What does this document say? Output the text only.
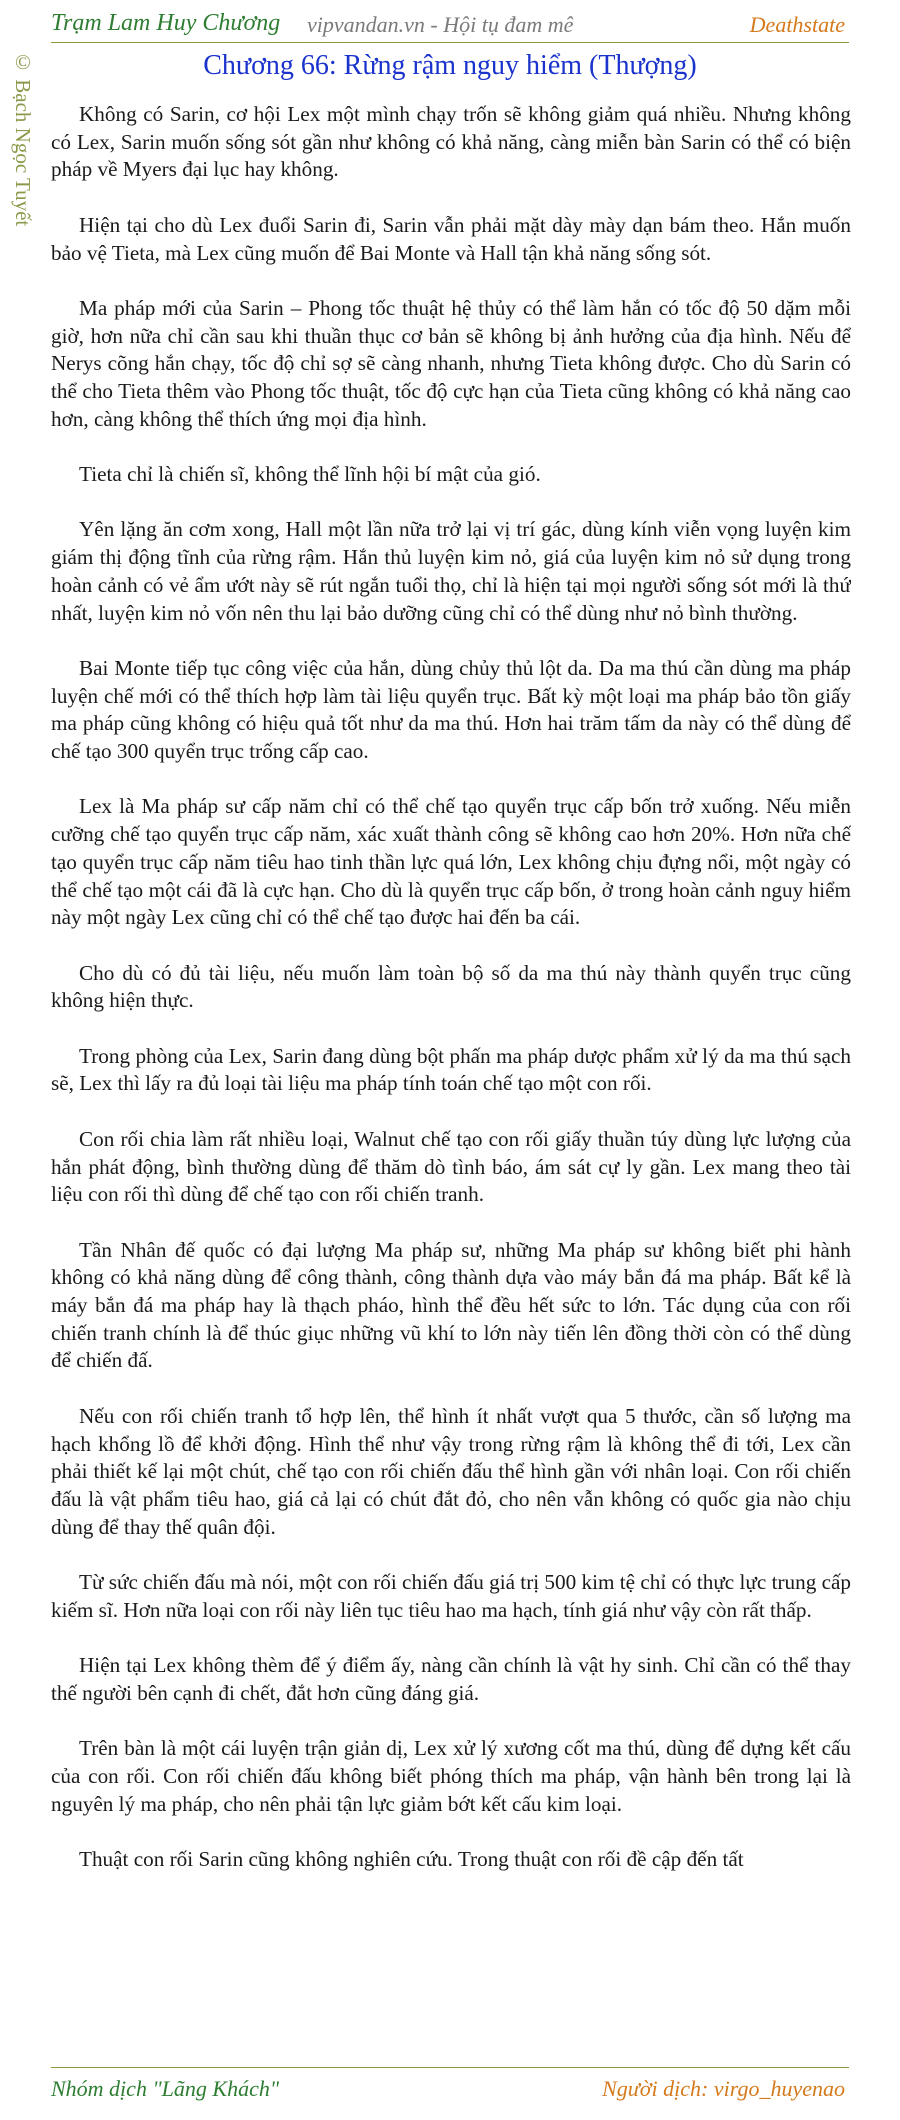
Trạm Lam Huy Chương vipvandan.vn - Hội tụ đam mê	Deathstate
© Bạch Ngọc Tuyết	Chương 66: Rừng rậm nguy hiểm (Thượng)

Không có Sarin, cơ hội Lex một mình chạy trốn sẽ không giảm quá nhiều. Nhưng không có Lex, Sarin muốn sống sót gần như không có khả năng, càng miễn bàn Sarin có thể có biện pháp về Myers đại lục hay không.

Hiện tại cho dù Lex đuổi Sarin đi, Sarin vẫn phải mặt dày mày dạn bám theo. Hắn muốn bảo vệ Tieta, mà Lex cũng muốn để Bai Monte và Hall tận khả năng sống sót.

Ma pháp mới của Sarin – Phong tốc thuật hệ thủy có thể làm hắn có tốc độ 50 dặm mỗi giờ, hơn nữa chỉ cần sau khi thuần thục cơ bản sẽ không bị ảnh hưởng của địa hình. Nếu để Nerys cõng hắn chạy, tốc độ chỉ sợ sẽ càng nhanh, nhưng Tieta không được. Cho dù Sarin có thể cho Tieta thêm vào Phong tốc thuật, tốc độ cực hạn của Tieta cũng không có khả năng cao hơn, càng không thể thích ứng mọi địa hình.

Tieta chỉ là chiến sĩ, không thể lĩnh hội bí mật của gió.

Yên lặng ăn cơm xong, Hall một lần nữa trở lại vị trí gác, dùng kính viễn vọng luyện kim giám thị động tĩnh của rừng rậm. Hắn thủ luyện kim nỏ, giá của luyện kim nỏ sử dụng trong hoàn cảnh có vẻ ẩm ướt này sẽ rút ngắn tuổi thọ, chỉ là hiện tại mọi người sống sót mới là thứ nhất, luyện kim nỏ vốn nên thu lại bảo dưỡng cũng chỉ có thể dùng như nỏ bình thường.

Bai Monte tiếp tục công việc của hắn, dùng chủy thủ lột da. Da ma thú cần dùng ma pháp luyện chế mới có thể thích hợp làm tài liệu quyển trục. Bất kỳ một loại ma pháp bảo tồn giấy ma pháp cũng không có hiệu quả tốt như da ma thú. Hơn hai trăm tấm da này có thể dùng để chế tạo 300 quyển trục trống cấp cao.

Lex là Ma pháp sư cấp năm chỉ có thể chế tạo quyển trục cấp bốn trở xuống. Nếu miễn cưỡng chế tạo quyển trục cấp năm, xác xuất thành công sẽ không cao hơn 20%. Hơn nữa chế tạo quyển trục cấp năm tiêu hao tinh thần lực quá lớn, Lex không chịu đựng nổi, một ngày có thể chế tạo một cái đã là cực hạn. Cho dù là quyển trục cấp bốn, ở trong hoàn cảnh nguy hiểm này một ngày Lex cũng chỉ có thể chế tạo được hai đến ba cái.

Cho dù có đủ tài liệu, nếu muốn làm toàn bộ số da ma thú này thành quyển trục cũng không hiện thực.

Trong phòng của Lex, Sarin đang dùng bột phấn ma pháp dược phẩm xử lý da ma thú sạch sẽ, Lex thì lấy ra đủ loại tài liệu ma pháp tính toán chế tạo một con rối.

Con rối chia làm rất nhiều loại, Walnut chế tạo con rối giấy thuần túy dùng lực lượng của hắn phát động, bình thường dùng để thăm dò tình báo, ám sát cự ly gần. Lex mang theo tài liệu con rối thì dùng để chế tạo con rối chiến tranh.

Tần Nhân đế quốc có đại lượng Ma pháp sư, những Ma pháp sư không biết phi hành không có khả năng dùng để công thành, công thành dựa vào máy bắn đá ma pháp. Bất kể là máy bắn đá ma pháp hay là thạch pháo, hình thể đều hết sức to lớn. Tác dụng của con rối chiến tranh chính là để thúc giục những vũ khí to lớn này tiến lên đồng thời còn có thể dùng để chiến đấ.

Nếu con rối chiến tranh tổ hợp lên, thể hình ít nhất vượt qua 5 thước, cần số lượng ma hạch khổng lồ để khởi động. Hình thể như vậy trong rừng rậm là không thể đi tới, Lex cần phải thiết kế lại một chút, chế tạo con rối chiến đấu thể hình gần với nhân loại. Con rối chiến đấu là vật phẩm tiêu hao, giá cả lại có chút đắt đỏ, cho nên vẫn không có quốc gia nào chịu dùng để thay thế quân đội.

Từ sức chiến đấu mà nói, một con rối chiến đấu giá trị 500 kim tệ chỉ có thực lực trung cấp kiếm sĩ. Hơn nữa loại con rối này liên tục tiêu hao ma hạch, tính giá như vậy còn rất thấp.

Hiện tại Lex không thèm để ý điểm ấy, nàng cần chính là vật hy sinh. Chỉ cần có thể thay thế người bên cạnh đi chết, đắt hơn cũng đáng giá.

Trên bàn là một cái luyện trận giản dị, Lex xử lý xương cốt ma thú, dùng để dựng kết cấu của con rối. Con rối chiến đấu không biết phóng thích ma pháp, vận hành bên trong lại là nguyên lý ma pháp, cho nên phải tận lực giảm bớt kết cấu kim loại.

Thuật con rối Sarin cũng không nghiên cứu. Trong thuật con rối đề cập đến tất

Nhóm dịch "Lãng Khách"	Người dịch: virgo_huyenao
